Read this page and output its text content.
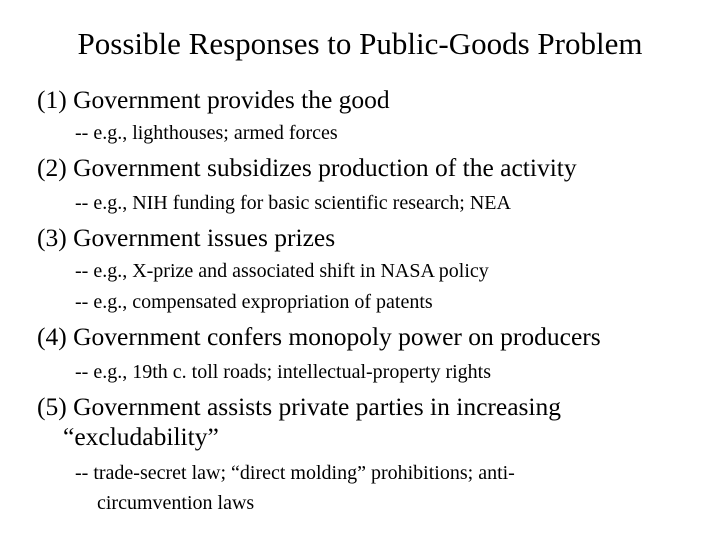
Possible Responses to Public-Goods Problem
(1) Government provides the good
-- e.g., lighthouses; armed forces
(2) Government subsidizes production of the activity
-- e.g., NIH funding for basic scientific research; NEA
(3) Government issues prizes
-- e.g., X-prize and associated shift in NASA policy
-- e.g., compensated expropriation of patents
(4) Government confers monopoly power on producers
-- e.g., 19th c. toll roads; intellectual-property rights
(5) Government assists private parties in increasing
“excludability”
-- trade-secret law; “direct molding” prohibitions; anti-
circumvention laws
